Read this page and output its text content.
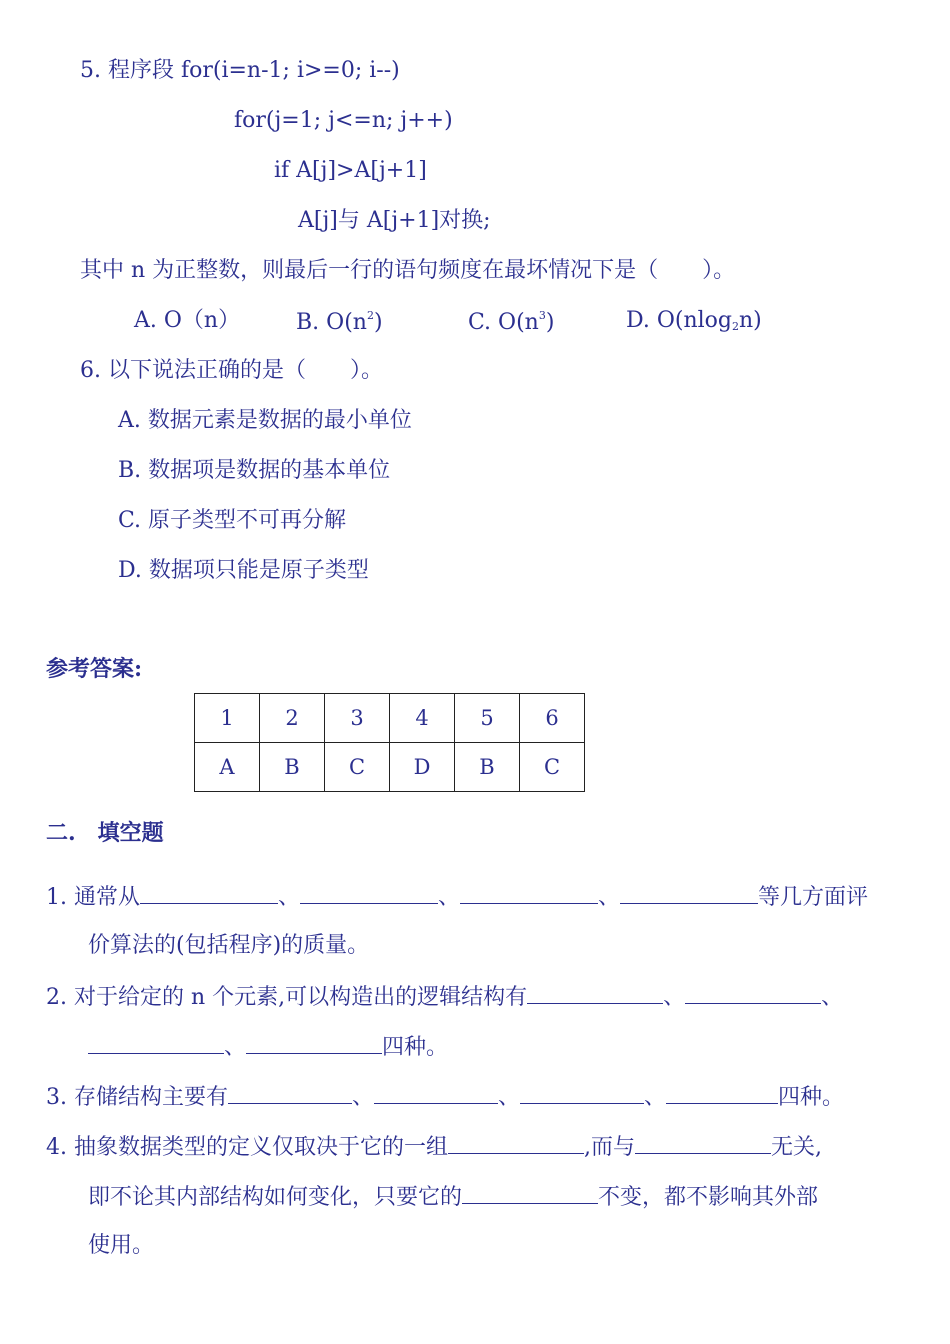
5. 程序段 for(i=n-1; i>=0; i--)
for(j=1; j<=n; j++)
if A[j]>A[j+1]
A[j]与 A[j+1]对换;
其中 n 为正整数，则最后一行的语句频度在最坏情况下是（　　）。
A. O（n）	B. $O(n^2)$	C. $O(n^3)$	D. O(nlog$_2$n)
6. 以下说法正确的是（　　）。
A. 数据元素是数据的最小单位
B. 数据项是数据的基本单位
C. 原子类型不可再分解
D. 数据项只能是原子类型
参考答案:
1	2	3	4	5	6
A	B	C	D	B	C
二.　填空题
1. 通常从	、	、	、	等几方面评
价算法的(包括程序)的质量。
2. 对于给定的 n 个元素,可以构造出的逻辑结构有	、	、
、	四种。
3. 存储结构主要有	、	、	、	四种。
4. 抽象数据类型的定义仅取决于它的一组	,而与	无关,
即不论其内部结构如何变化，只要它的	不变，都不影响其外部
使用。
